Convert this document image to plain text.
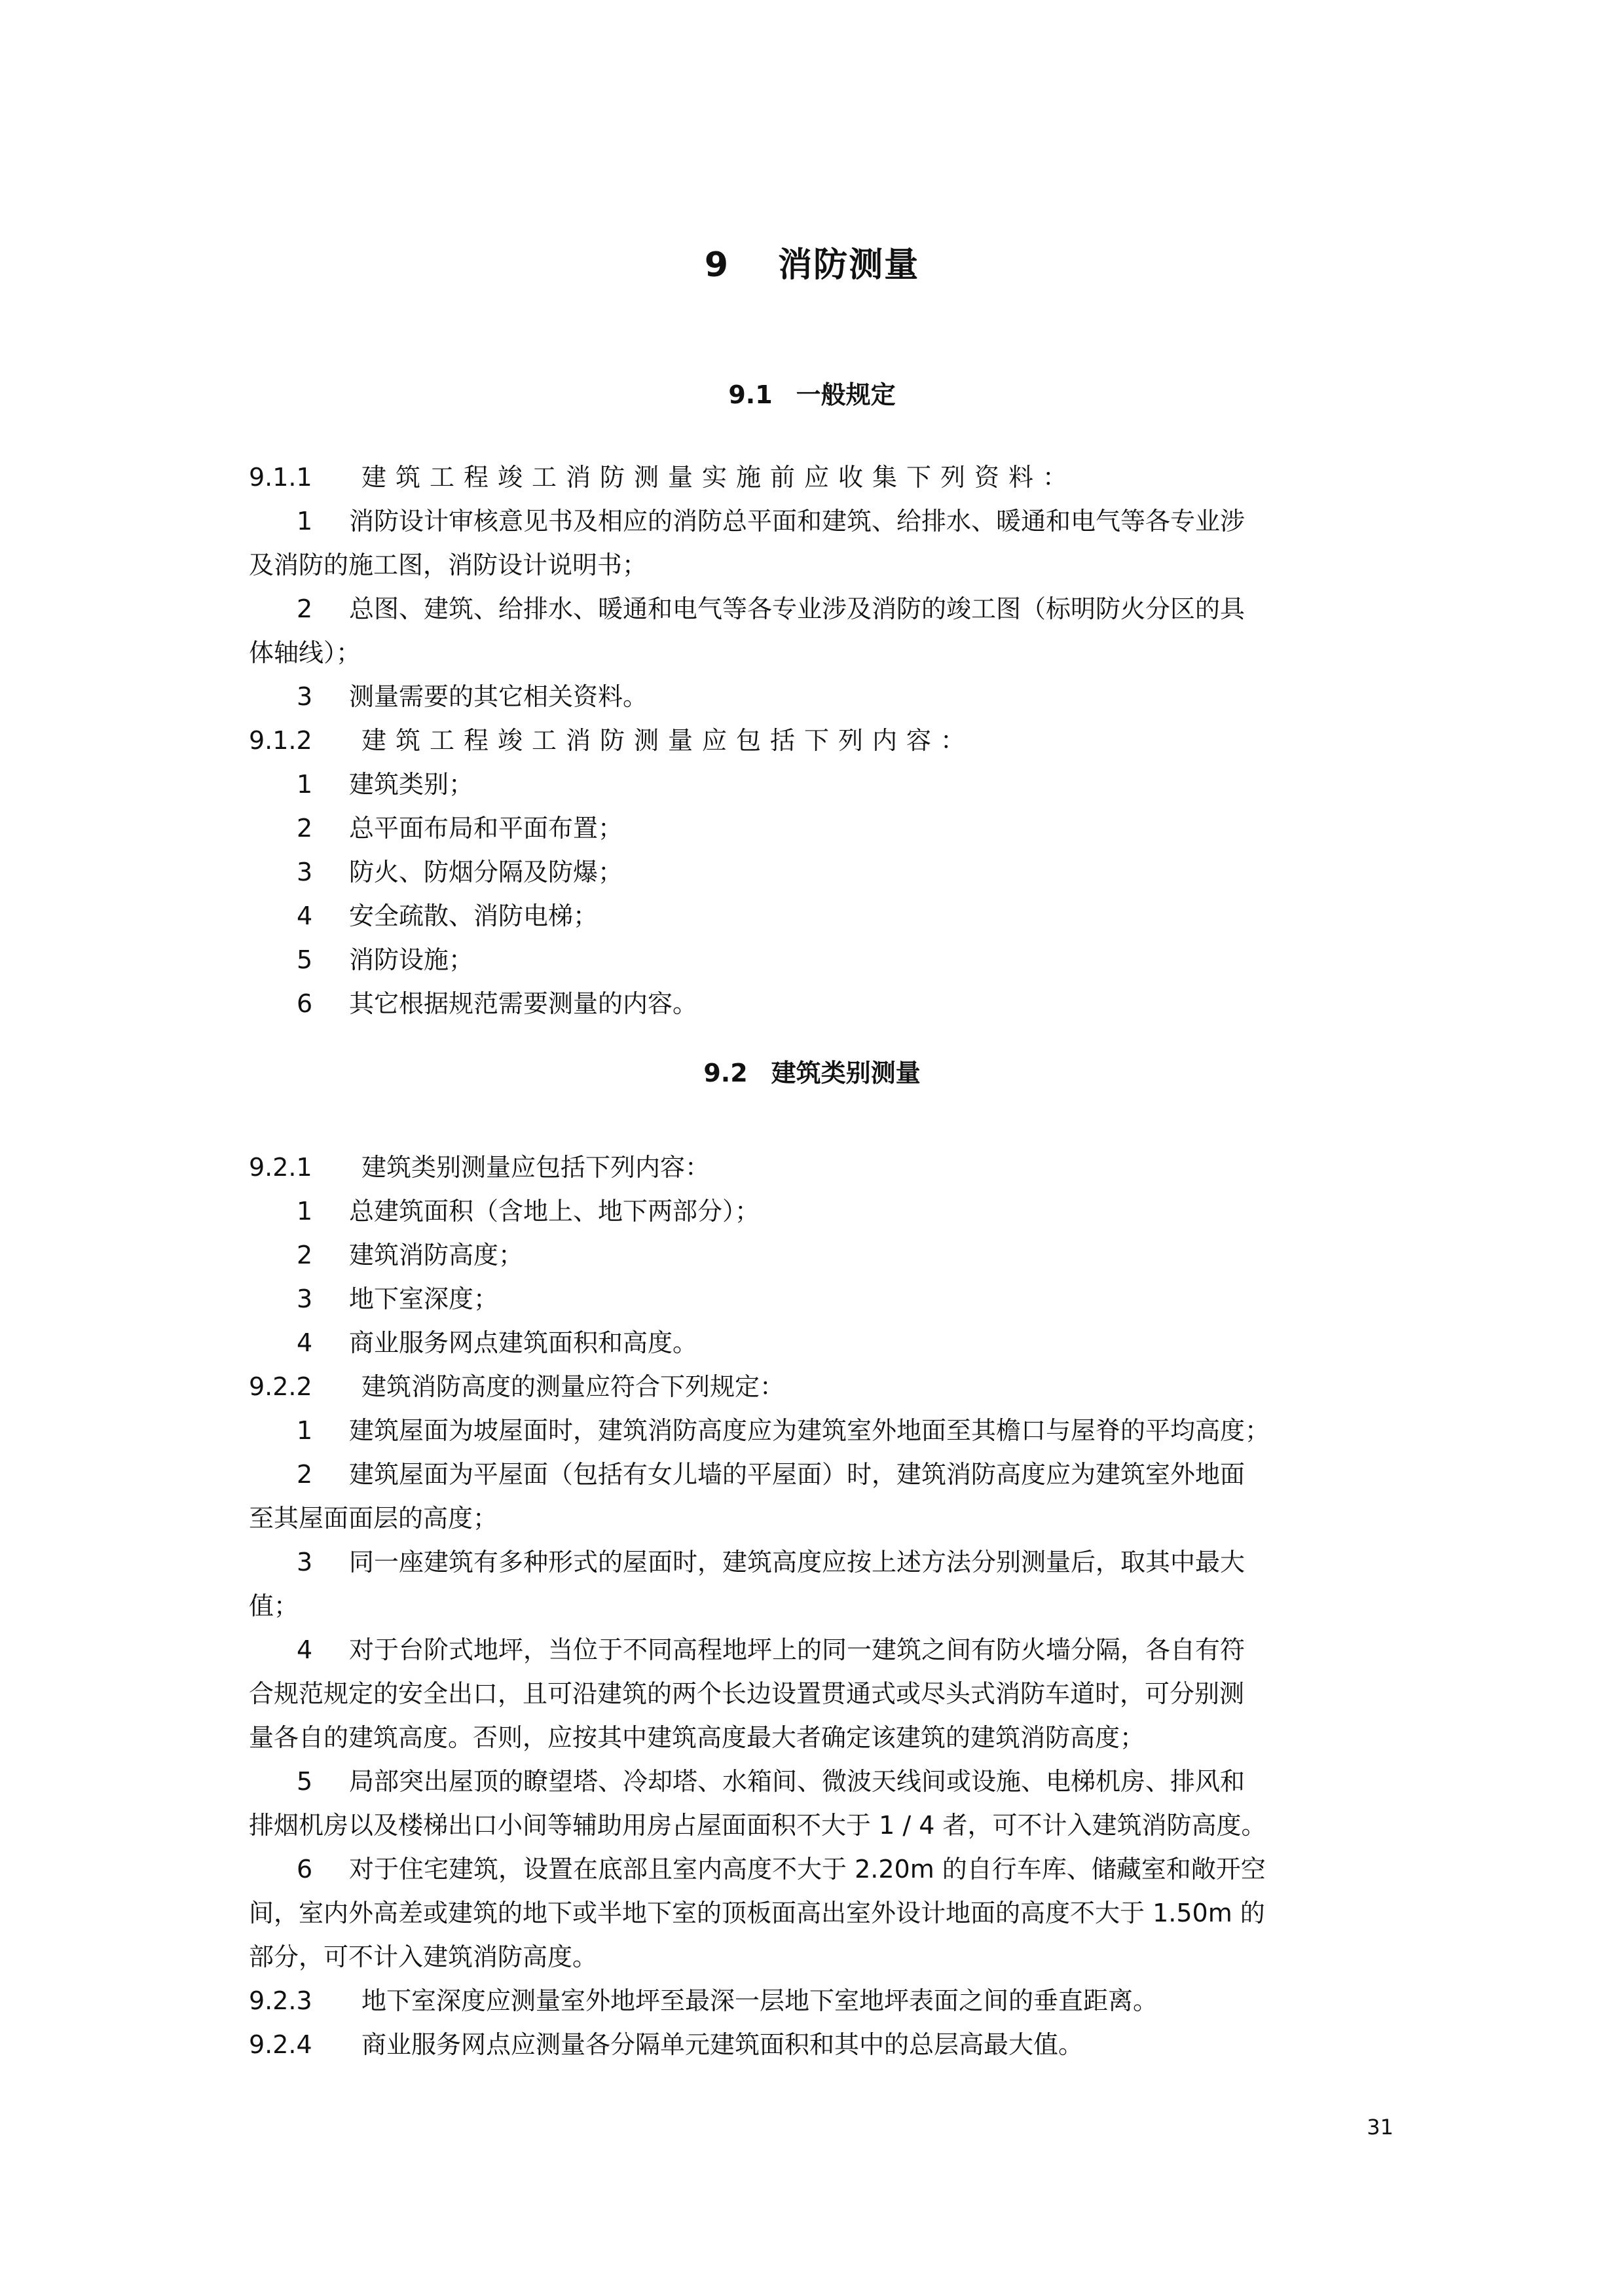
9 消防测量
9.1 一般规定
9.1.1 建筑工程竣工消防测量实施前应收集下列资料：
1 消防设计审核意见书及相应的消防总平面和建筑、给排水、暖通和电气等各专业涉
及消防的施工图，消防设计说明书；
2 总图、建筑、给排水、暖通和电气等各专业涉及消防的竣工图（标明防火分区的具
体轴线）；
3 测量需要的其它相关资料。
9.1.2 建筑工程竣工消防测量应包括下列内容：
1 建筑类别；
2 总平面布局和平面布置；
3 防火、防烟分隔及防爆；
4 安全疏散、消防电梯；
5 消防设施；
6 其它根据规范需要测量的内容。
9.2 建筑类别测量
9.2.1 建筑类别测量应包括下列内容：
1 总建筑面积（含地上、地下两部分）；
2 建筑消防高度；
3 地下室深度；
4 商业服务网点建筑面积和高度。
9.2.2 建筑消防高度的测量应符合下列规定：
1 建筑屋面为坡屋面时，建筑消防高度应为建筑室外地面至其檐口与屋脊的平均高度；
2 建筑屋面为平屋面（包括有女儿墙的平屋面）时，建筑消防高度应为建筑室外地面
至其屋面面层的高度；
3 同一座建筑有多种形式的屋面时，建筑高度应按上述方法分别测量后，取其中最大
值；
4 对于台阶式地坪，当位于不同高程地坪上的同一建筑之间有防火墙分隔，各自有符
合规范规定的安全出口，且可沿建筑的两个长边设置贯通式或尽头式消防车道时，可分别测
量各自的建筑高度。否则，应按其中建筑高度最大者确定该建筑的建筑消防高度；
5 局部突出屋顶的瞭望塔、冷却塔、水箱间、微波天线间或设施、电梯机房、排风和
排烟机房以及楼梯出口小间等辅助用房占屋面面积不大于 1 / 4 者，可不计入建筑消防高度。
6 对于住宅建筑，设置在底部且室内高度不大于 2.20m 的自行车库、储藏室和敞开空
间，室内外高差或建筑的地下或半地下室的顶板面高出室外设计地面的高度不大于 1.50m 的
部分，可不计入建筑消防高度。
9.2.3 地下室深度应测量室外地坪至最深一层地下室地坪表面之间的垂直距离。
9.2.4 商业服务网点应测量各分隔单元建筑面积和其中的总层高最大值。
31
